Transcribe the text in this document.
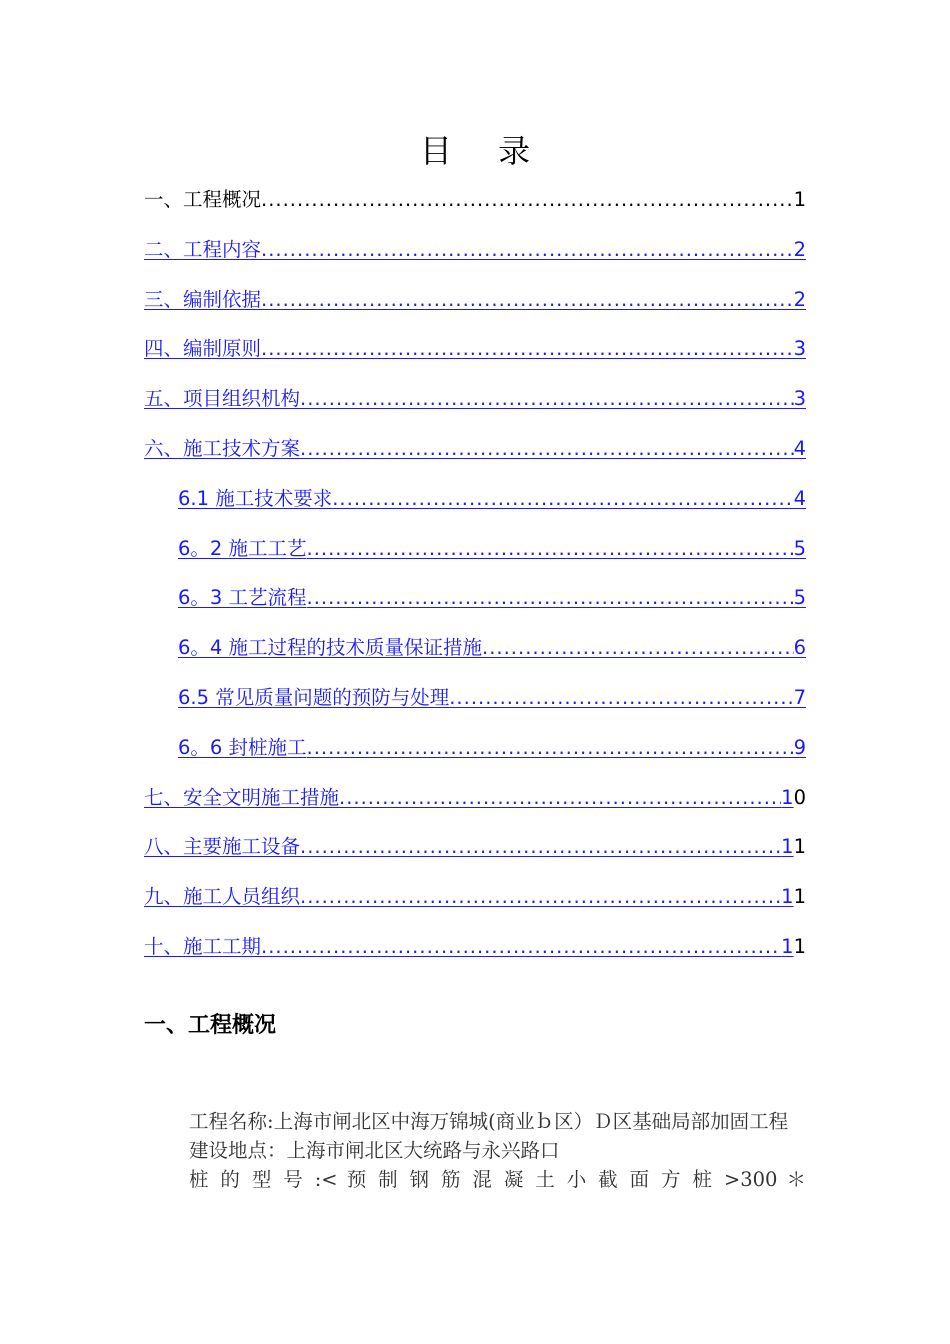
目 录
一、工程概况 .....	1
二、工程内容 .....	2
三、编制依据 .....	2
四、编制原则 .....	3
五、项目组织机构 .....	3
六、施工技术方案 .....	4
6.1 施工技术要求 .....	4
6。2 施工工艺 .....	5
6。3 工艺流程 .....	5
6。4 施工过程的技术质量保证措施 .....	6
6.5 常见质量问题的预防与处理 .....	7
6。6 封桩施工 .....	9
七、安全文明施工措施 .....	10
八、主要施工设备 .....	11
九、施工人员组织 .....	11
十、施工工期 .....	11
一、工程概况

工程名称:上海市闸北区中海万锦城(商业ｂ区）Ｄ区基础局部加固工程

建设地点：上海市闸北区大统路与永兴路口

桩 的 型 号 :< 预 制 钢 筋 混 凝 土 小 截 面 方 桩 >300 ＊
